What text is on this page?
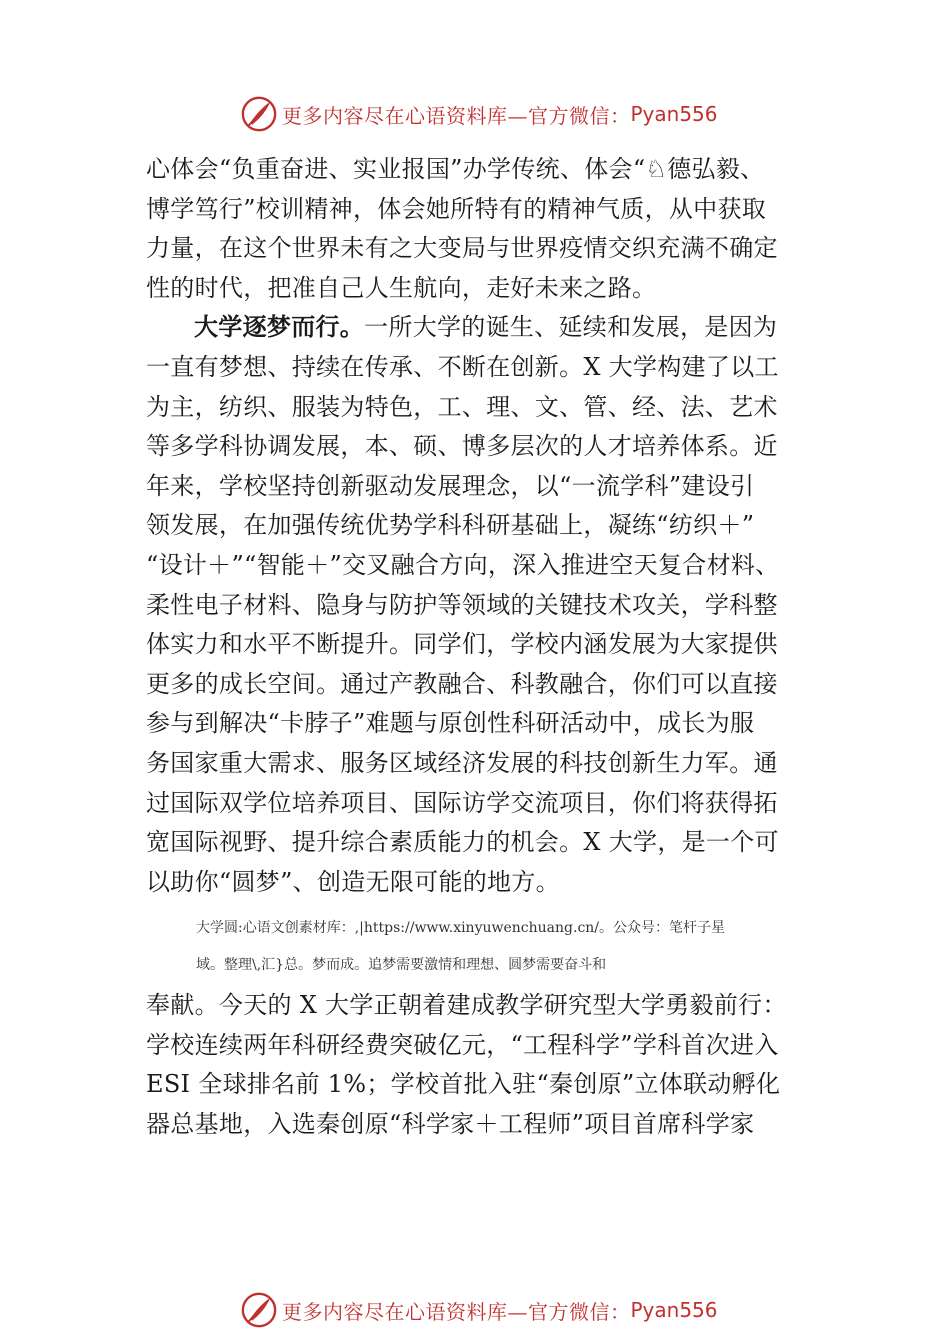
更多内容尽在心语资料库—官方微信： Pyan556
心体会“负重奋进、实业报国”办学传统、体会“♘德弘毅、
博学笃行”校训精神，体会她所特有的精神气质，从中获取
力量，在这个世界未有之大变局与世界疫情交织充满不确定
性的时代，把准自己人生航向，走好未来之路。
大学逐梦而行。一所大学的诞生、延续和发展，是因为
一直有梦想、持续在传承、不断在创新。X 大学构建了以工
为主，纺织、服装为特色，工、理、文、管、经、法、艺术
等多学科协调发展，本、硕、博多层次的人才培养体系。近
年来，学校坚持创新驱动发展理念，以“一流学科”建设引
领发展，在加强传统优势学科科研基础上，凝练“纺织＋”
“设计＋”“智能＋”交叉融合方向，深入推进空天复合材料、
柔性电子材料、隐身与防护等领域的关键技术攻关，学科整
体实力和水平不断提升。同学们，学校内涵发展为大家提供
更多的成长空间。通过产教融合、科教融合，你们可以直接
参与到解决“卡脖子”难题与原创性科研活动中，成长为服
务国家重大需求、服务区域经济发展的科技创新生力军。通
过国际双学位培养项目、国际访学交流项目，你们将获得拓
宽国际视野、提升综合素质能力的机会。X 大学，是一个可
以助你“圆梦”、创造无限可能的地方。
大学圆:心语文创素材库：,|https://www.xinyuwenchuang.cn/。公众号：笔杆子星
域。整理\,汇}总。梦而成。追梦需要激情和理想、圆梦需要奋斗和
奉献。今天的 X 大学正朝着建成教学研究型大学勇毅前行：
学校连续两年科研经费突破亿元，“工程科学”学科首次进入
ESI 全球排名前 1%；学校首批入驻“秦创原”立体联动孵化
器总基地，入选秦创原“科学家＋工程师”项目首席科学家
更多内容尽在心语资料库—官方微信： Pyan556
